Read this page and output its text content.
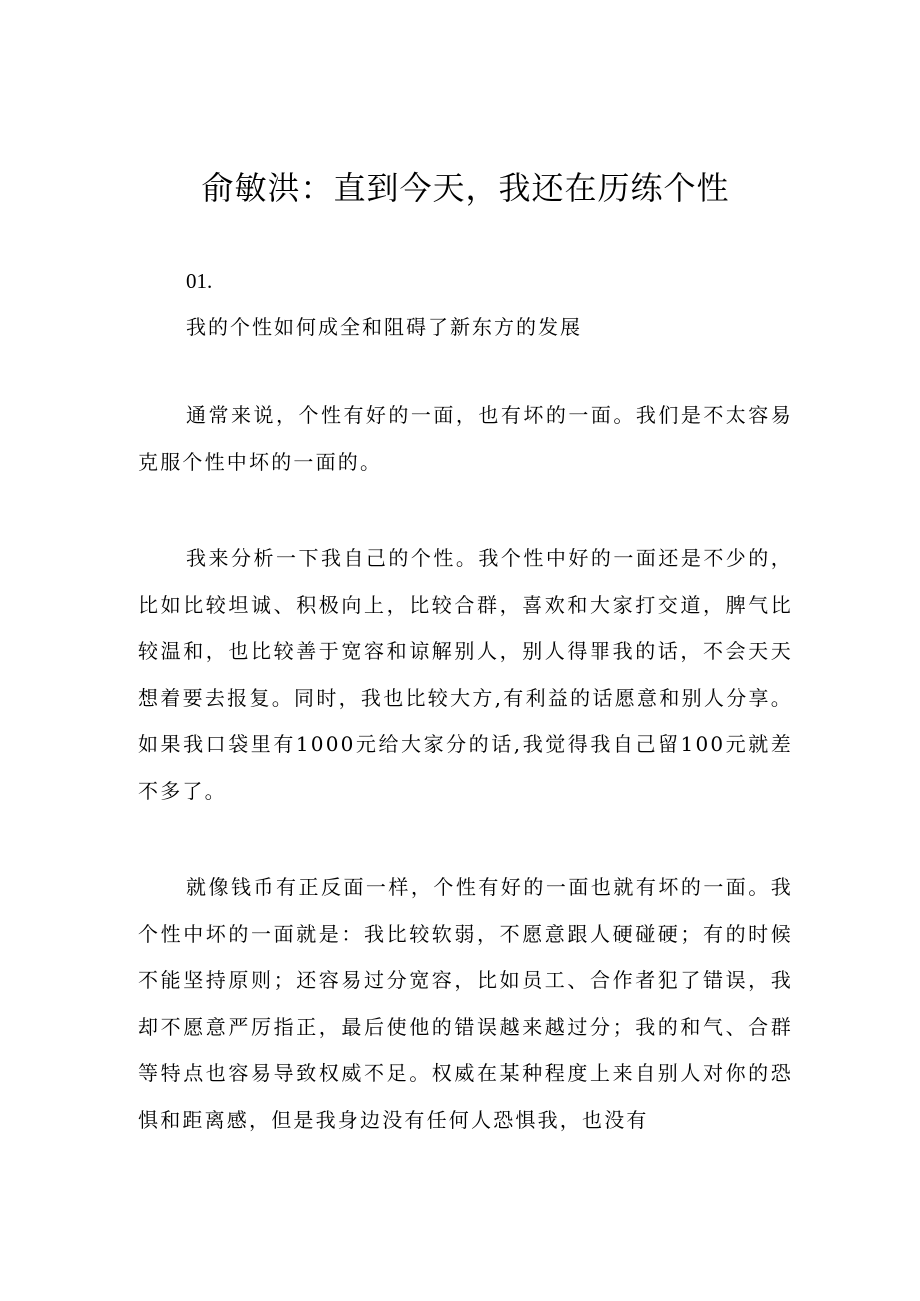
俞敏洪：直到今天，我还在历练个性
01.
我的个性如何成全和阻碍了新东方的发展

通常来说，个性有好的一面，也有坏的一面。我们是不太容易克服个性中坏的一面的。

我来分析一下我自己的个性。我个性中好的一面还是不少的，比如比较坦诚、积极向上，比较合群，喜欢和大家打交道，脾气比较温和，也比较善于宽容和谅解别人，别人得罪我的话，不会天天想着要去报复。同时，我也比较大方,有利益的话愿意和别人分享。如果我口袋里有1000元给大家分的话,我觉得我自己留100元就差不多了。

就像钱币有正反面一样，个性有好的一面也就有坏的一面。我个性中坏的一面就是：我比较软弱，不愿意跟人硬碰硬；有的时候不能坚持原则；还容易过分宽容，比如员工、合作者犯了错误，我却不愿意严厉指正，最后使他的错误越来越过分；我的和气、合群等特点也容易导致权威不足。权威在某种程度上来自别人对你的恐惧和距离感，但是我身边没有任何人恐惧我，也没有
